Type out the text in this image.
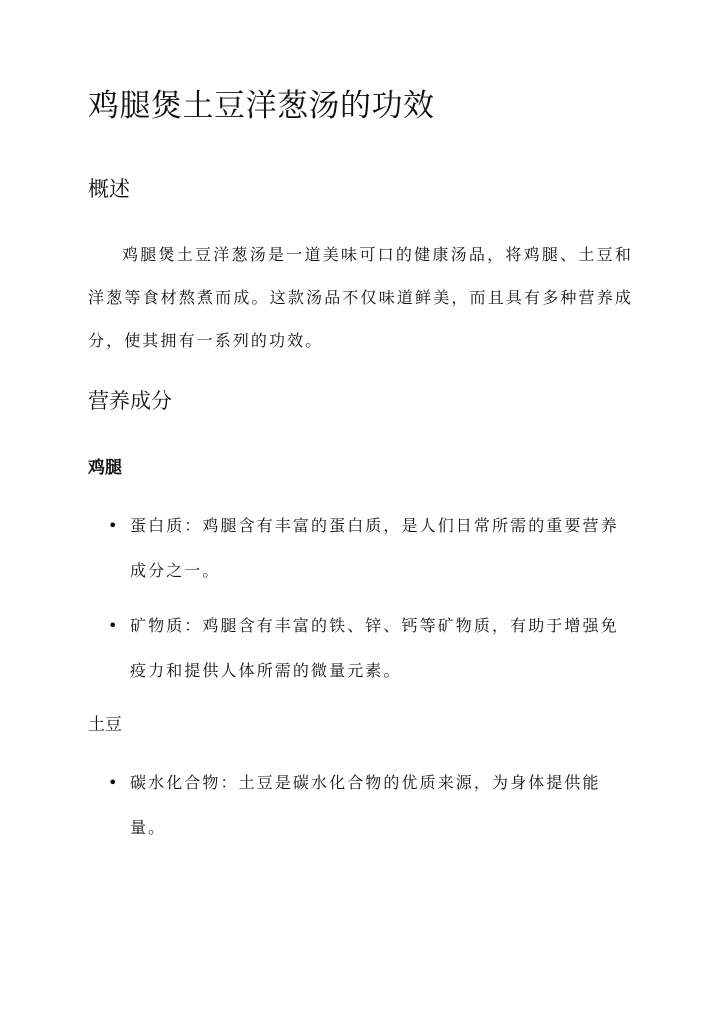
鸡腿煲土豆洋葱汤的功效
概述

鸡腿煲土豆洋葱汤是一道美味可口的健康汤品，将鸡腿、土豆和洋葱等食材熬煮而成。这款汤品不仅味道鲜美，而且具有多种营养成分，使其拥有一系列的功效。

营养成分
鸡腿
• 蛋白质：鸡腿含有丰富的蛋白质，是人们日常所需的重要营养成分之一。
• 矿物质：鸡腿含有丰富的铁、锌、钙等矿物质，有助于增强免疫力和提供人体所需的微量元素。
土豆
• 碳水化合物：土豆是碳水化合物的优质来源，为身体提供能量。
